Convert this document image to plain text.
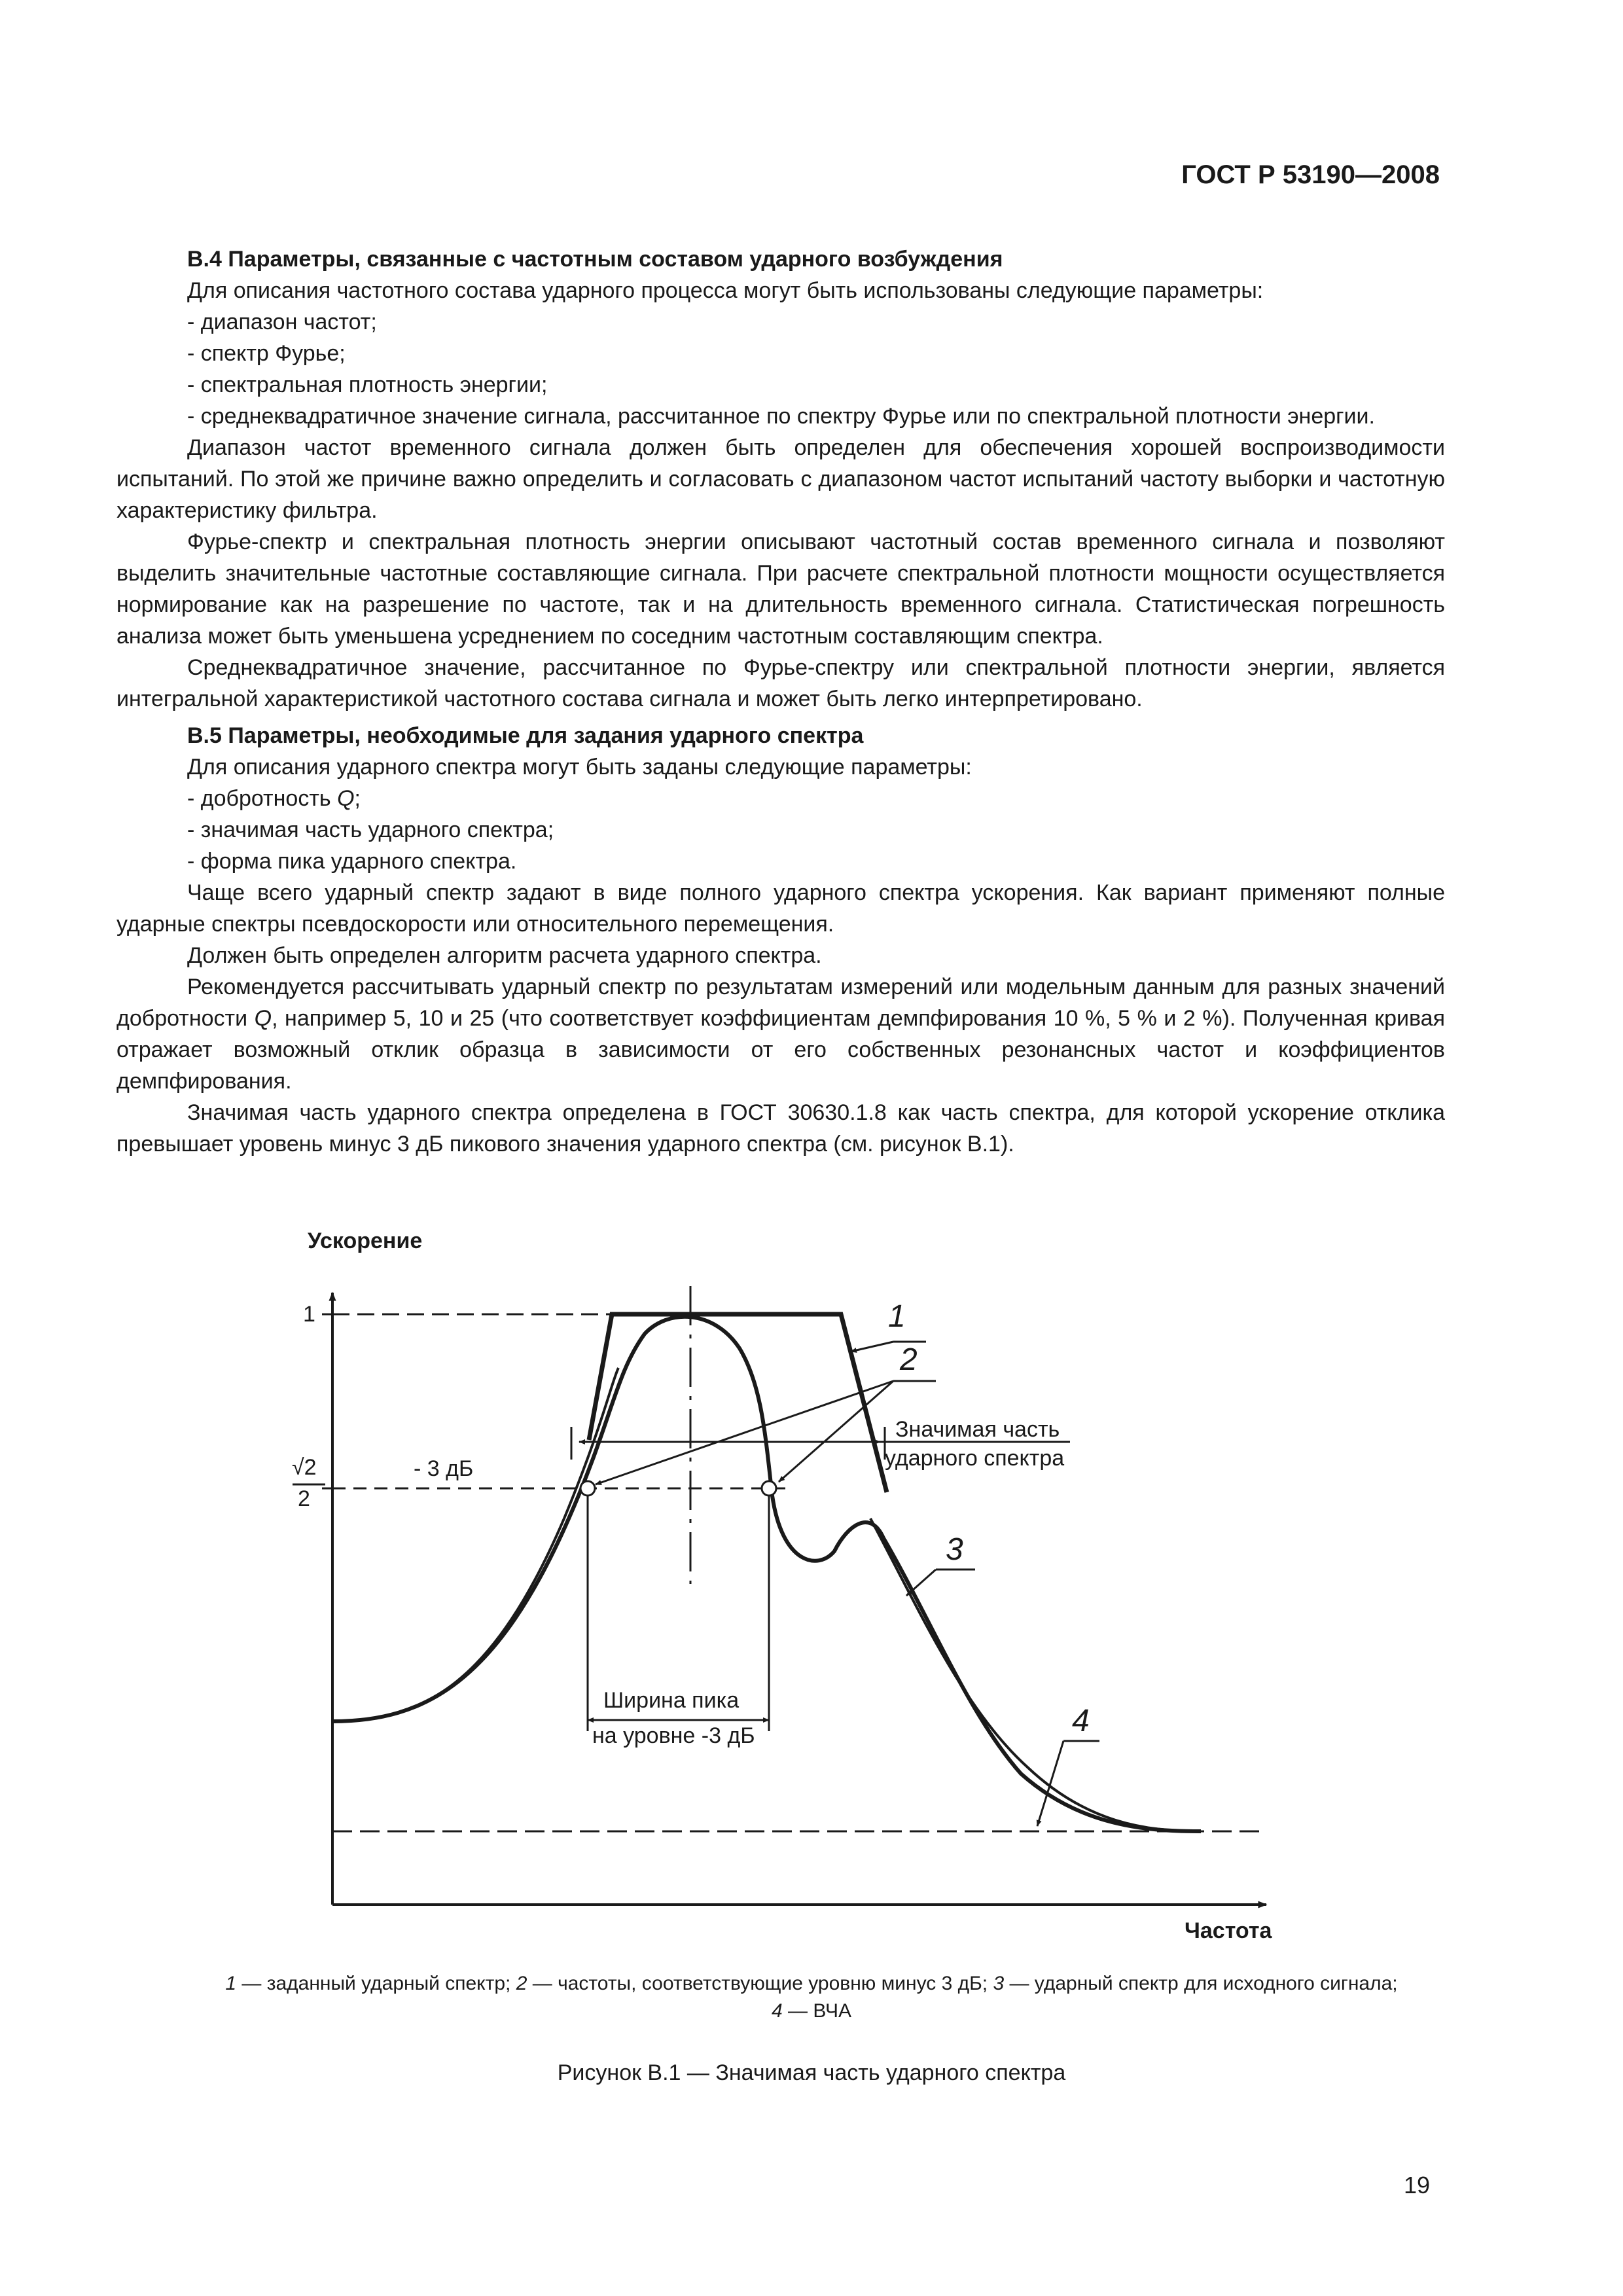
ГОСТ Р 53190—2008

В.4 Параметры, связанные с частотным составом ударного возбуждения

Для описания частотного состава ударного процесса могут быть использованы следующие параметры:

- диапазон частот;

- спектр Фурье;

- спектральная плотность энергии;

- среднеквадратичное значение сигнала, рассчитанное по спектру Фурье или по спектральной плотности энергии.

Диапазон частот временного сигнала должен быть определен для обеспечения хорошей воспроизводимости испытаний. По этой же причине важно определить и согласовать с диапазоном частот испытаний частоту выборки и частотную характеристику фильтра.

Фурье-спектр и спектральная плотность энергии описывают частотный состав временного сигнала и позволяют выделить значительные частотные составляющие сигнала. При расчете спектральной плотности мощности осуществляется нормирование как на разрешение по частоте, так и на длительность временного сигнала. Статистическая погрешность анализа может быть уменьшена усреднением по соседним частотным составляющим спектра.

Среднеквадратичное значение, рассчитанное по Фурье-спектру или спектральной плотности энергии, является интегральной характеристикой частотного состава сигнала и может быть легко интерпретировано.

В.5 Параметры, необходимые для задания ударного спектра

Для описания ударного спектра могут быть заданы следующие параметры:

- добротность Q;

- значимая часть ударного спектра;

- форма пика ударного спектра.

Чаще всего ударный спектр задают в виде полного ударного спектра ускорения. Как вариант применяют полные ударные спектры псевдоскорости или относительного перемещения.

Должен быть определен алгоритм расчета ударного спектра.

Рекомендуется рассчитывать ударный спектр по результатам измерений или модельным данным для разных значений добротности Q, например 5, 10 и 25 (что соответствует коэффициентам демпфирования 10 %, 5 % и 2 %). Полученная кривая отражает возможный отклик образца в зависимости от его собственных резонансных частот и коэффициентов демпфирования.

Значимая часть ударного спектра определена в ГОСТ 30630.1.8 как часть спектра, для которой ускорение отклика превышает уровень минус 3 дБ пикового значения ударного спектра (см. рисунок В.1).

Ускорение
1
√2
2
- 3 дБ
1
2
3
4
Значимая часть
ударного спектра
Ширина пика
на уровне -3 дБ
Частота
1 — заданный ударный спектр; 2 — частоты, соответствующие уровню минус 3 дБ; 3 — ударный спектр для исходного сигнала;
4 — ВЧА
Рисунок В.1 — Значимая часть ударного спектра
19
